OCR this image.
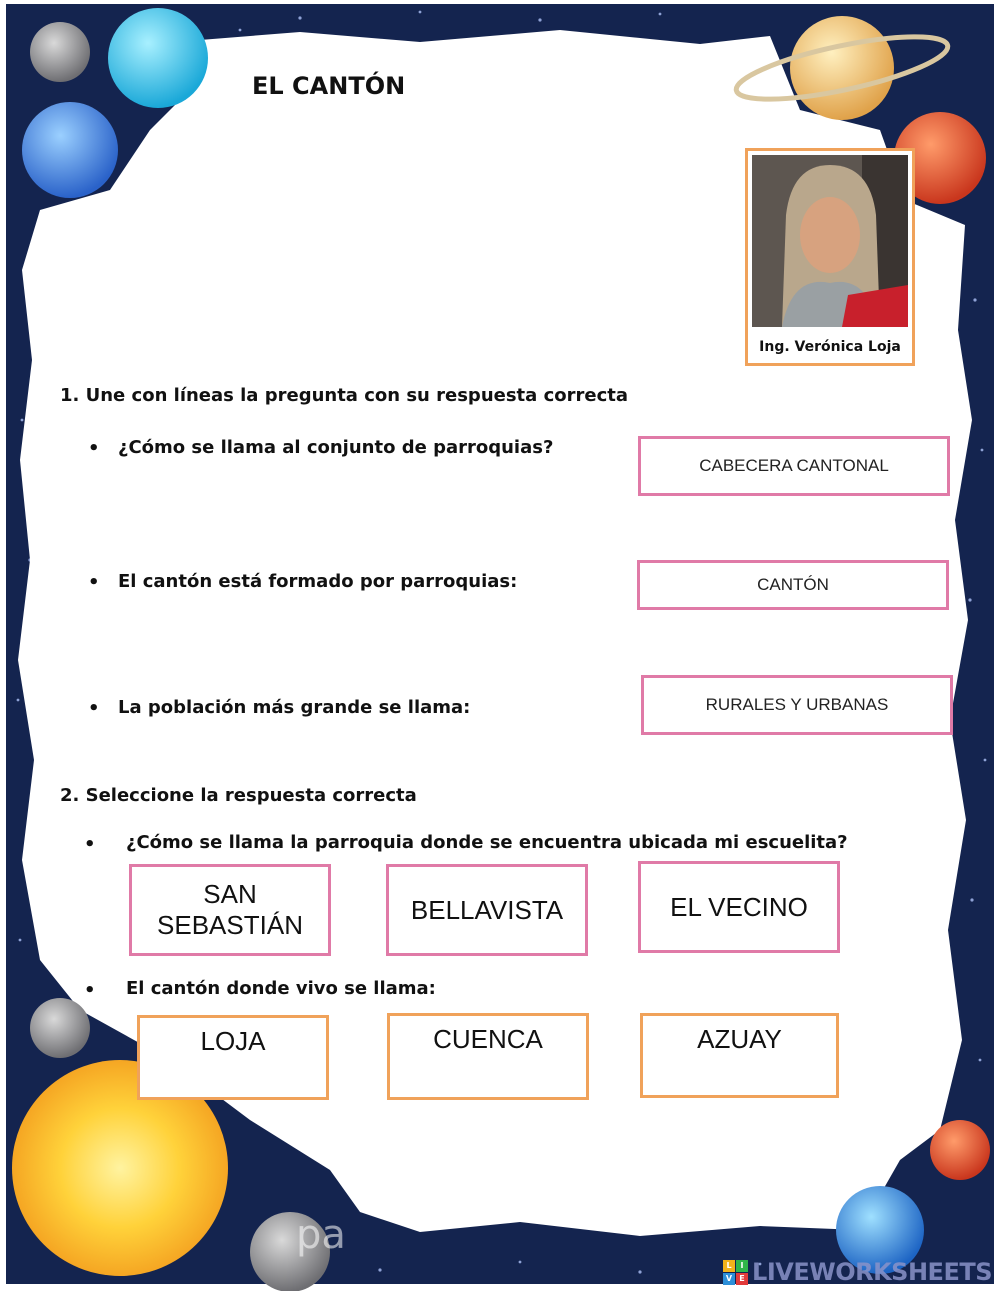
EL CANTÓN
Ing. Verónica Loja
1. Une con líneas la pregunta con su respuesta correcta
• ¿Cómo se llama al conjunto de parroquias?
• El cantón está formado por parroquias:
• La población más grande se llama:
CABECERA CANTONAL
CANTÓN
RURALES Y URBANAS
2. Seleccione la respuesta correcta
• ¿Cómo se llama la parroquia donde se encuentra ubicada mi escuelita?
SAN SEBASTIÁN
BELLAVISTA	EL VECINO
• El cantón donde vivo se llama:
LOJA	CUENCA	AZUAY
pa
L	I
V E LIVEWORKSHEETS
